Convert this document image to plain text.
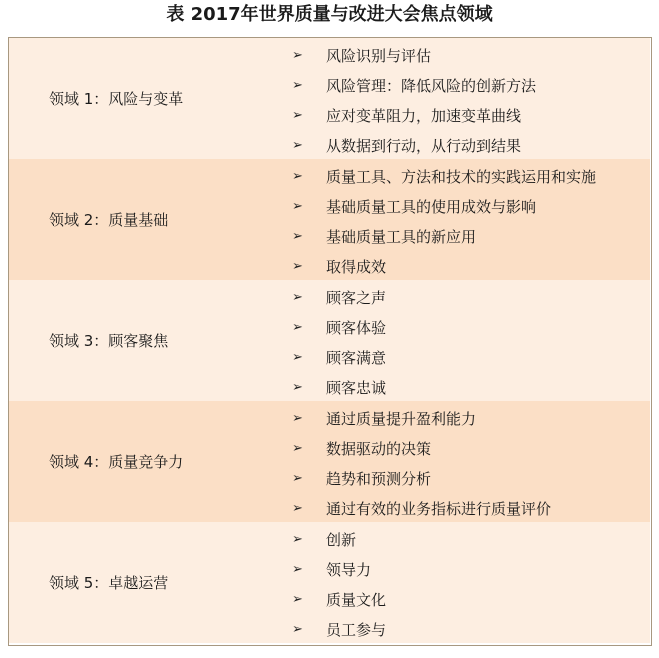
表 2017年世界质量与改进大会焦点领域
领域 1：风险与变革
➢	风险识别与评估
➢	风险管理：降低风险的创新方法
➢	应对变革阻力，加速变革曲线
➢	从数据到行动，从行动到结果
领域 2：质量基础
➢	质量工具、方法和技术的实践运用和实施
➢	基础质量工具的使用成效与影响
➢	基础质量工具的新应用
➢	取得成效
领域 3：顾客聚焦
➢	顾客之声
➢	顾客体验
➢	顾客满意
➢	顾客忠诚
领域 4：质量竞争力
➢	通过质量提升盈利能力
➢	数据驱动的决策
➢	趋势和预测分析
➢	通过有效的业务指标进行质量评价
领域 5：卓越运营
➢	创新
➢	领导力
➢	质量文化
➢	员工参与
